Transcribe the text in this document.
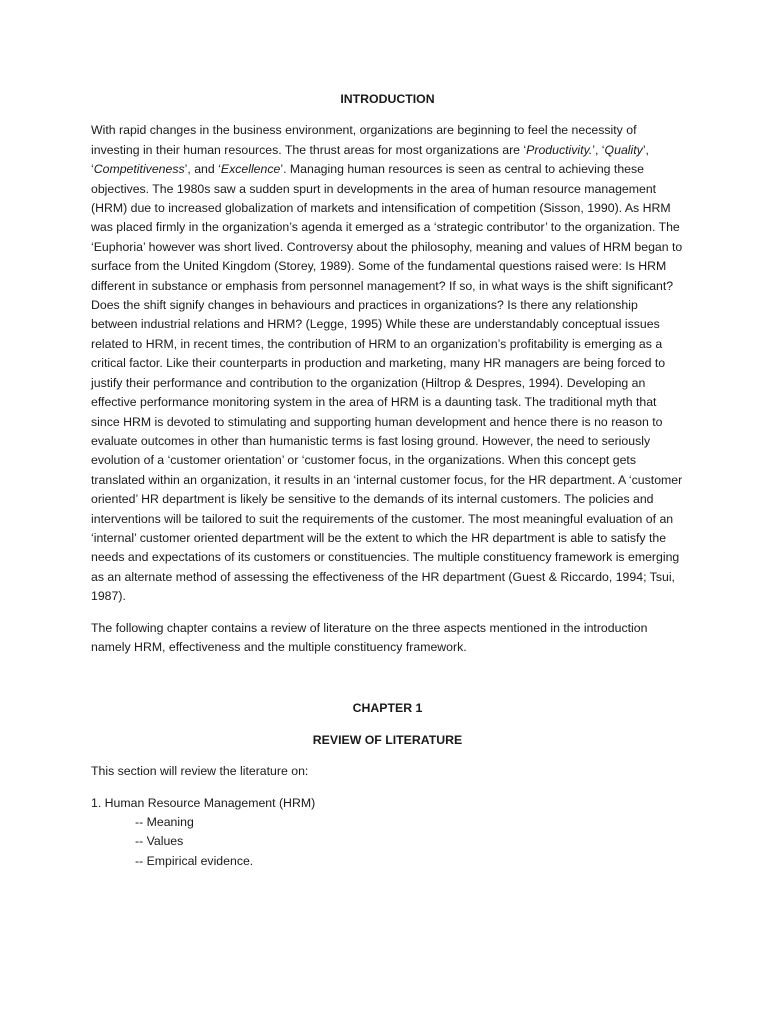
INTRODUCTION

With rapid changes in the business environment, organizations are beginning to feel the necessity of investing in their human resources. The thrust areas for most organizations are ‘Productivity.’, ‘Quality’, ‘Competitiveness’, and ‘Excellence’. Managing human resources is seen as central to achieving these objectives. The 1980s saw a sudden spurt in developments in the area of human resource management (HRM) due to increased globalization of markets and intensification of competition (Sisson, 1990). As HRM was placed firmly in the organization’s agenda it emerged as a ‘strategic contributor’ to the organization. The ‘Euphoria’ however was short lived. Controversy about the philosophy, meaning and values of HRM began to surface from the United Kingdom (Storey, 1989). Some of the fundamental questions raised were: Is HRM different in substance or emphasis from personnel management? If so, in what ways is the shift significant? Does the shift signify changes in behaviours and practices in organizations? Is there any relationship between industrial relations and HRM? (Legge, 1995) While these are understandably conceptual issues related to HRM, in recent times, the contribution of HRM to an organization’s profitability is emerging as a critical factor. Like their counterparts in production and marketing, many HR managers are being forced to justify their performance and contribution to the organization (Hiltrop & Despres, 1994). Developing an effective performance monitoring system in the area of HRM is a daunting task. The traditional myth that since HRM is devoted to stimulating and supporting human development and hence there is no reason to evaluate outcomes in other than humanistic terms is fast losing ground. However, the need to seriously evolution of a ‘customer orientation’ or ‘customer focus, in the organizations. When this concept gets translated within an organization, it results in an ‘internal customer focus, for the HR department. A ‘customer oriented’ HR department is likely be sensitive to the demands of its internal customers. The policies and interventions will be tailored to suit the requirements of the customer. The most meaningful evaluation of an ‘internal’ customer oriented department will be the extent to which the HR department is able to satisfy the needs and expectations of its customers or constituencies. The multiple constituency framework is emerging as an alternate method of assessing the effectiveness of the HR department (Guest & Riccardo, 1994; Tsui, 1987).

The following chapter contains a review of literature on the three aspects mentioned in the introduction namely HRM, effectiveness and the multiple constituency framework.

CHAPTER 1

REVIEW OF LITERATURE

This section will review the literature on:

1. Human Resource Management (HRM)
-- Meaning
-- Values
-- Empirical evidence.
